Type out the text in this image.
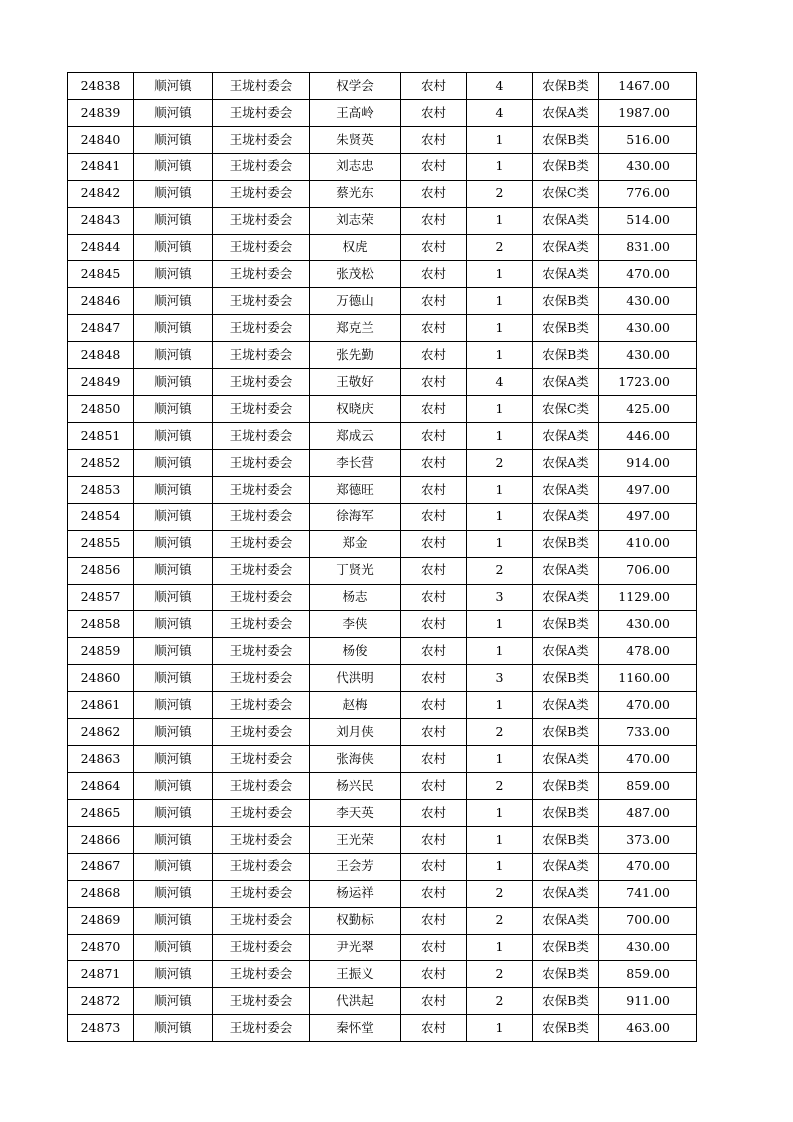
24838	顺河镇	王垅村委会	权学会	农村	4	农保B类	1467.00
24839	顺河镇	王垅村委会	王高岭	农村	4	农保A类	1987.00
24840	顺河镇	王垅村委会	朱贤英	农村	1	农保B类	516.00
24841	顺河镇	王垅村委会	刘志忠	农村	1	农保B类	430.00
24842	顺河镇	王垅村委会	蔡光东	农村	2	农保C类	776.00
24843	顺河镇	王垅村委会	刘志荣	农村	1	农保A类	514.00
24844	顺河镇	王垅村委会	权虎	农村	2	农保A类	831.00
24845	顺河镇	王垅村委会	张茂松	农村	1	农保A类	470.00
24846	顺河镇	王垅村委会	万德山	农村	1	农保B类	430.00
24847	顺河镇	王垅村委会	郑克兰	农村	1	农保B类	430.00
24848	顺河镇	王垅村委会	张先勤	农村	1	农保B类	430.00
24849	顺河镇	王垅村委会	王敬好	农村	4	农保A类	1723.00
24850	顺河镇	王垅村委会	权晓庆	农村	1	农保C类	425.00
24851	顺河镇	王垅村委会	郑成云	农村	1	农保A类	446.00
24852	顺河镇	王垅村委会	李长营	农村	2	农保A类	914.00
24853	顺河镇	王垅村委会	郑德旺	农村	1	农保A类	497.00
24854	顺河镇	王垅村委会	徐海军	农村	1	农保A类	497.00
24855	顺河镇	王垅村委会	郑金	农村	1	农保B类	410.00
24856	顺河镇	王垅村委会	丁贤光	农村	2	农保A类	706.00
24857	顺河镇	王垅村委会	杨志	农村	3	农保A类	1129.00
24858	顺河镇	王垅村委会	李侠	农村	1	农保B类	430.00
24859	顺河镇	王垅村委会	杨俊	农村	1	农保A类	478.00
24860	顺河镇	王垅村委会	代洪明	农村	3	农保B类	1160.00
24861	顺河镇	王垅村委会	赵梅	农村	1	农保A类	470.00
24862	顺河镇	王垅村委会	刘月侠	农村	2	农保B类	733.00
24863	顺河镇	王垅村委会	张海侠	农村	1	农保A类	470.00
24864	顺河镇	王垅村委会	杨兴民	农村	2	农保B类	859.00
24865	顺河镇	王垅村委会	李天英	农村	1	农保B类	487.00
24866	顺河镇	王垅村委会	王光荣	农村	1	农保B类	373.00
24867	顺河镇	王垅村委会	王会芳	农村	1	农保A类	470.00
24868	顺河镇	王垅村委会	杨运祥	农村	2	农保A类	741.00
24869	顺河镇	王垅村委会	权勤标	农村	2	农保A类	700.00
24870	顺河镇	王垅村委会	尹光翠	农村	1	农保B类	430.00
24871	顺河镇	王垅村委会	王振义	农村	2	农保B类	859.00
24872	顺河镇	王垅村委会	代洪起	农村	2	农保B类	911.00
24873	顺河镇	王垅村委会	秦怀堂	农村	1	农保B类	463.00
